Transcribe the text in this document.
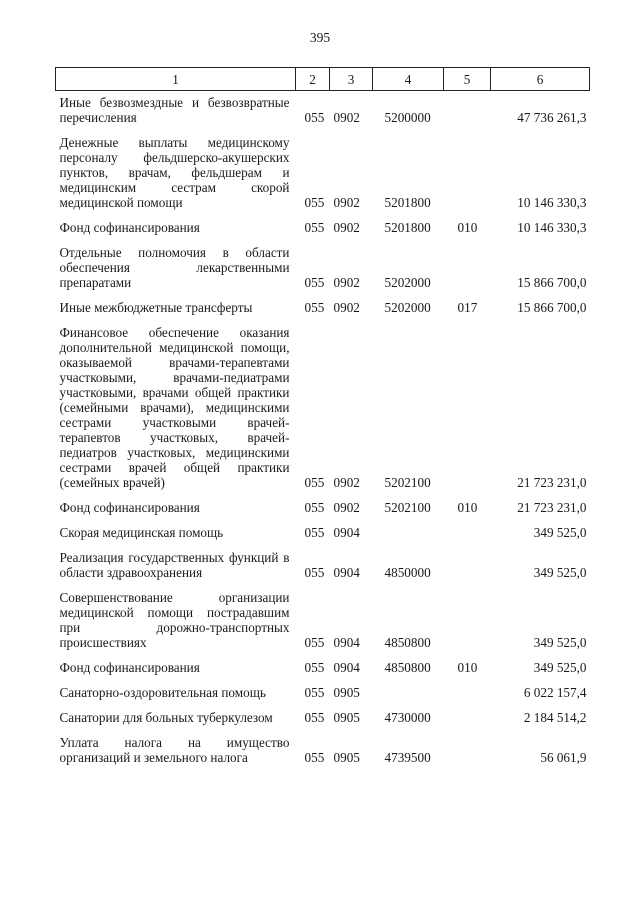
395
1	2	3	4	5	6
Иные безвозмездные и безвозвратные перечисления	055	0902	5200000		47 736 261,3
Денежные выплаты медицинскому персоналу фельдшерско-акушерских пунктов, врачам, фельдшерам и медицинским сестрам скорой медицинской помощи	055	0902	5201800		10 146 330,3
Фонд софинансирования	055	0902	5201800	010	10 146 330,3
Отдельные полномочия в области обеспечения лекарственными препаратами	055	0902	5202000		15 866 700,0
Иные межбюджетные трансферты	055	0902	5202000	017	15 866 700,0
Финансовое обеспечение оказания дополнительной медицинской помощи, оказываемой врачами-терапевтами участковыми, врачами-педиатрами участковыми, врачами общей практики (семейными врачами), медицинскими сестрами участковыми врачей-терапевтов участковых, врачей-педиатров участковых, медицинскими сестрами врачей общей практики (семейных врачей)	055	0902	5202100		21 723 231,0
Фонд софинансирования	055	0902	5202100	010	21 723 231,0
Скорая медицинская помощь	055	0904			349 525,0
Реализация государственных функций в области здравоохранения	055	0904	4850000		349 525,0
Совершенствование организации медицинской помощи пострадавшим при дорожно-транспортных происшествиях	055	0904	4850800		349 525,0
Фонд софинансирования	055	0904	4850800	010	349 525,0
Санаторно-оздоровительная помощь	055	0905			6 022 157,4
Санатории для больных туберкулезом	055	0905	4730000		2 184 514,2
Уплата налога на имущество организаций и земельного налога	055	0905	4739500		56 061,9
